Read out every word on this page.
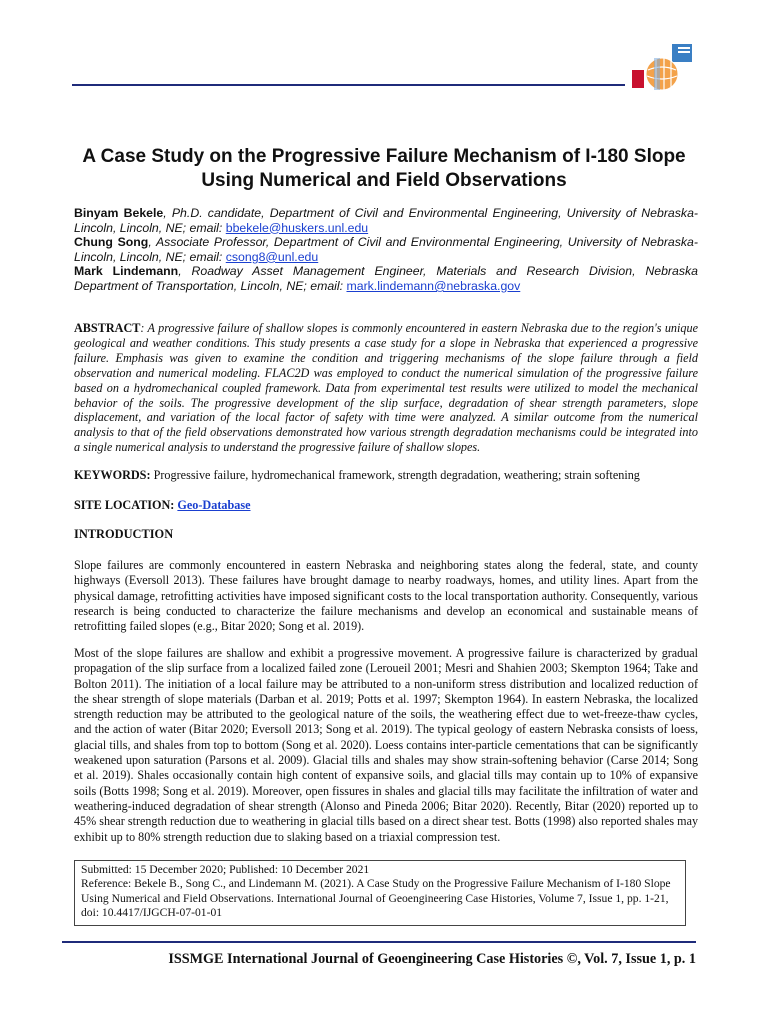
A Case Study on the Progressive Failure Mechanism of I-180 Slope Using Numerical and Field Observations

Binyam Bekele, Ph.D. candidate, Department of Civil and Environmental Engineering, University of Nebraska-Lincoln, Lincoln, NE; email: bbekele@huskers.unl.edu

Chung Song, Associate Professor, Department of Civil and Environmental Engineering, University of Nebraska-Lincoln, Lincoln, NE; email: csong8@unl.edu

Mark Lindemann, Roadway Asset Management Engineer, Materials and Research Division, Nebraska Department of Transportation, Lincoln, NE; email: mark.lindemann@nebraska.gov

ABSTRACT: A progressive failure of shallow slopes is commonly encountered in eastern Nebraska due to the region's unique geological and weather conditions. This study presents a case study for a slope in Nebraska that experienced a progressive failure. Emphasis was given to examine the condition and triggering mechanisms of the slope failure through a field observation and numerical modeling. FLAC2D was employed to conduct the numerical simulation of the progressive failure based on a hydromechanical coupled framework. Data from experimental test results were utilized to model the mechanical behavior of the soils. The progressive development of the slip surface, degradation of shear strength parameters, slope displacement, and variation of the local factor of safety with time were analyzed. A similar outcome from the numerical analysis to that of the field observations demonstrated how various strength degradation mechanisms could be integrated into a single numerical analysis to understand the progressive failure of shallow slopes.
KEYWORDS: Progressive failure, hydromechanical framework, strength degradation, weathering; strain softening
SITE LOCATION: Geo-Database
INTRODUCTION

Slope failures are commonly encountered in eastern Nebraska and neighboring states along the federal, state, and county highways (Eversoll 2013). These failures have brought damage to nearby roadways, homes, and utility lines. Apart from the physical damage, retrofitting activities have imposed significant costs to the local transportation authority. Consequently, various research is being conducted to characterize the failure mechanisms and develop an economical and sustainable means of retrofitting failed slopes (e.g., Bitar 2020; Song et al. 2019).

Most of the slope failures are shallow and exhibit a progressive movement. A progressive failure is characterized by gradual propagation of the slip surface from a localized failed zone (Leroueil 2001; Mesri and Shahien 2003; Skempton 1964; Take and Bolton 2011). The initiation of a local failure may be attributed to a non-uniform stress distribution and localized reduction of the shear strength of slope materials (Darban et al. 2019; Potts et al. 1997; Skempton 1964). In eastern Nebraska, the localized strength reduction may be attributed to the geological nature of the soils, the weathering effect due to wet-freeze-thaw cycles, and the action of water (Bitar 2020; Eversoll 2013; Song et al. 2019). The typical geology of eastern Nebraska consists of loess, glacial tills, and shales from top to bottom (Song et al. 2020). Loess contains inter-particle cementations that can be significantly weakened upon saturation (Parsons et al. 2009). Glacial tills and shales may show strain-softening behavior (Carse 2014; Song et al. 2019). Shales occasionally contain high content of expansive soils, and glacial tills may contain up to 10% of expansive soils (Botts 1998; Song et al. 2019). Moreover, open fissures in shales and glacial tills may facilitate the infiltration of water and weathering-induced degradation of shear strength (Alonso and Pineda 2006; Bitar 2020). Recently, Bitar (2020) reported up to 45% shear strength reduction due to weathering in glacial tills based on a direct shear test. Botts (1998) also reported shales may exhibit up to 80% strength reduction due to slaking based on a triaxial compression test.

Submitted: 15 December 2020; Published: 10 December 2021
Reference: Bekele B., Song C., and Lindemann M. (2021). A Case Study on the Progressive Failure Mechanism of I-180 Slope Using Numerical and Field Observations. International Journal of Geoengineering Case Histories, Volume 7, Issue 1, pp. 1-21, doi: 10.4417/IJGCH-07-01-01
ISSMGE International Journal of Geoengineering Case Histories ©, Vol. 7, Issue 1, p. 1
